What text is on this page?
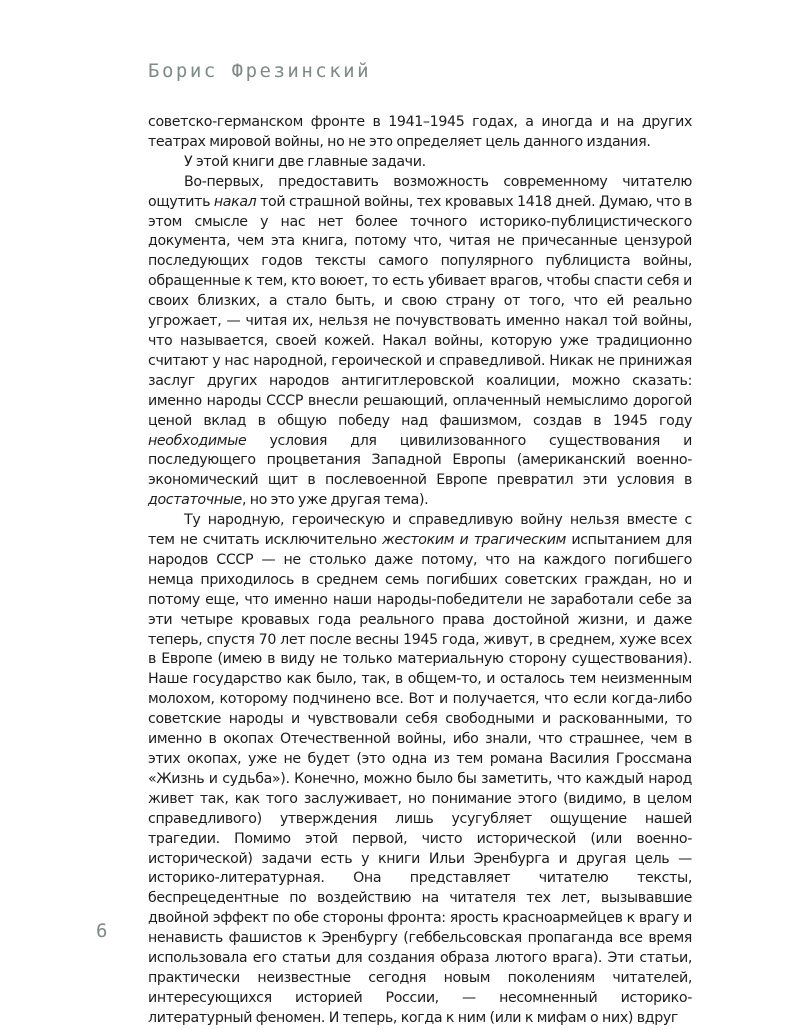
Борис Фрезинский

советско-германском фронте в 1941–1945 годах, а иногда и на других театрах мировой войны, но не это определяет цель данного издания.

У этой книги две главные задачи.

Во-первых, предоставить возможность современному читателю ощутить накал той страшной войны, тех кровавых 1418 дней. Думаю, что в этом смысле у нас нет более точного историко-публицистического документа, чем эта книга, потому что, читая не причесанные цензурой последующих годов тексты самого популярного публициста войны, обращенные к тем, кто воюет, то есть убивает врагов, чтобы спасти себя и своих близких, а стало быть, и свою страну от того, что ей реально угрожает, — читая их, нельзя не почувствовать именно накал той войны, что называется, своей кожей. Накал войны, которую уже традиционно считают у нас народной, героической и справедливой. Никак не принижая заслуг других народов антигитлеровской коалиции, можно сказать: именно народы СССР внесли решающий, оплаченный немыслимо дорогой ценой вклад в общую победу над фашизмом, создав в 1945 году необходимые условия для цивилизованного существования и последующего процветания Западной Европы (американский военно-экономический щит в послевоенной Европе превратил эти условия в достаточные, но это уже другая тема).

Ту народную, героическую и справедливую войну нельзя вместе с тем не считать исключительно жестоким и трагическим испытанием для народов СССР — не столько даже потому, что на каждого погибшего немца приходилось в среднем семь погибших советских граждан, но и потому еще, что именно наши народы-победители не заработали себе за эти четыре кровавых года реального права достойной жизни, и даже теперь, спустя 70 лет после весны 1945 года, живут, в среднем, хуже всех в Европе (имею в виду не только материальную сторону существования). Наше государство как было, так, в общем-то, и осталось тем неизменным молохом, которому подчинено все. Вот и получается, что если когда-либо советские народы и чувствовали себя свободными и раскованными, то именно в окопах Отечественной войны, ибо знали, что страшнее, чем в этих окопах, уже не будет (это одна из тем романа Василия Гроссмана «Жизнь и судьба»). Конечно, можно было бы заметить, что каждый народ живет так, как того заслуживает, но понимание этого (видимо, в целом справедливого) утверждения лишь усугубляет ощущение нашей трагедии. Помимо этой первой, чисто исторической (или военно-исторической) задачи есть у книги Ильи Эренбурга и другая цель — историко-литературная. Она представляет читателю тексты, беспрецедентные по воздействию на читателя тех лет, вызывавшие двойной эффект по обе стороны фронта: ярость красноармейцев к врагу и ненависть фашистов к Эренбургу (геббельсовская пропаганда все время использовала его статьи для создания образа лютого врага). Эти статьи, практически неизвестные сегодня новым поколениям читателей, интересующихся историей России, — несомненный историко-литературный феномен. И теперь, когда к ним (или к мифам о них) вдруг

6
